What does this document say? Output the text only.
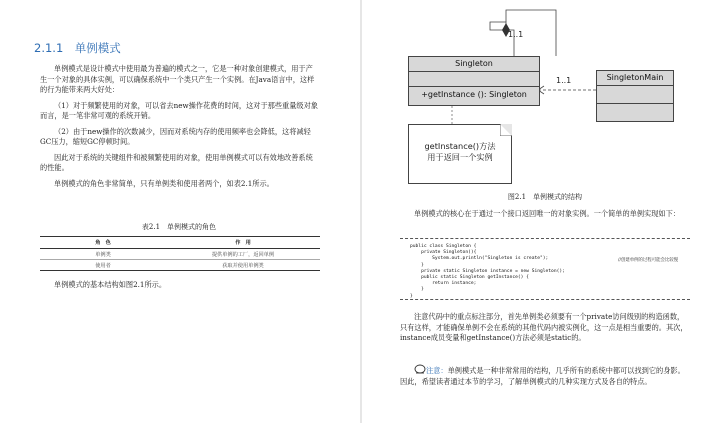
2.1.1　单例模式

单例模式是设计模式中使用最为普遍的模式之一，它是一种对象创建模式，用于产生一个对象的具体实例，可以确保系统中一个类只产生一个实例。在Java语言中，这样的行为能带来两大好处：

（1）对于频繁使用的对象，可以省去new操作花费的时间，这对于那些重量级对象而言，是一笔非常可观的系统开销。

（2）由于new操作的次数减少，因而对系统内存的使用频率也会降低，这将减轻GC压力，缩短GC停顿时间。

因此对于系统的关键组件和被频繁使用的对象，使用单例模式可以有效地改善系统的性能。

单例模式的角色非常简单，只有单例类和使用者两个，如表2.1所示。

表2.1　单例模式的角色
角　色	作　用
单例类	提供单例的工厂，返回单例
使用者	获取并使用单例类

单例模式的基本结构如图2.1所示。

1..1
Singleton
+getInstance (): Singleton
1..1	SingletonMain
getInstance()方法
用于返回一个实例
图2.1　单例模式的结构

单例模式的核心在于通过一个接口返回唯一的对象实例。一个简单的单例实现如下：

public class Singleton {
private Singleton(){
System.out.println("Singleton is create");
}
private static Singleton instance = new Singleton();
public static Singleton getInstance() {
return instance;
}
}
//创建单例的过程可能会比较慢

注意代码中的重点标注部分，首先单例类必须要有一个private访问级别的构造函数，只有这样，才能确保单例不会在系统的其他代码内被实例化，这一点是相当重要的。其次，instance成员变量和getInstance()方法必须是static的。

注意：单例模式是一种非常常用的结构，几乎所有的系统中都可以找到它的身影。因此，希望读者通过本节的学习，了解单例模式的几种实现方式及各自的特点。
